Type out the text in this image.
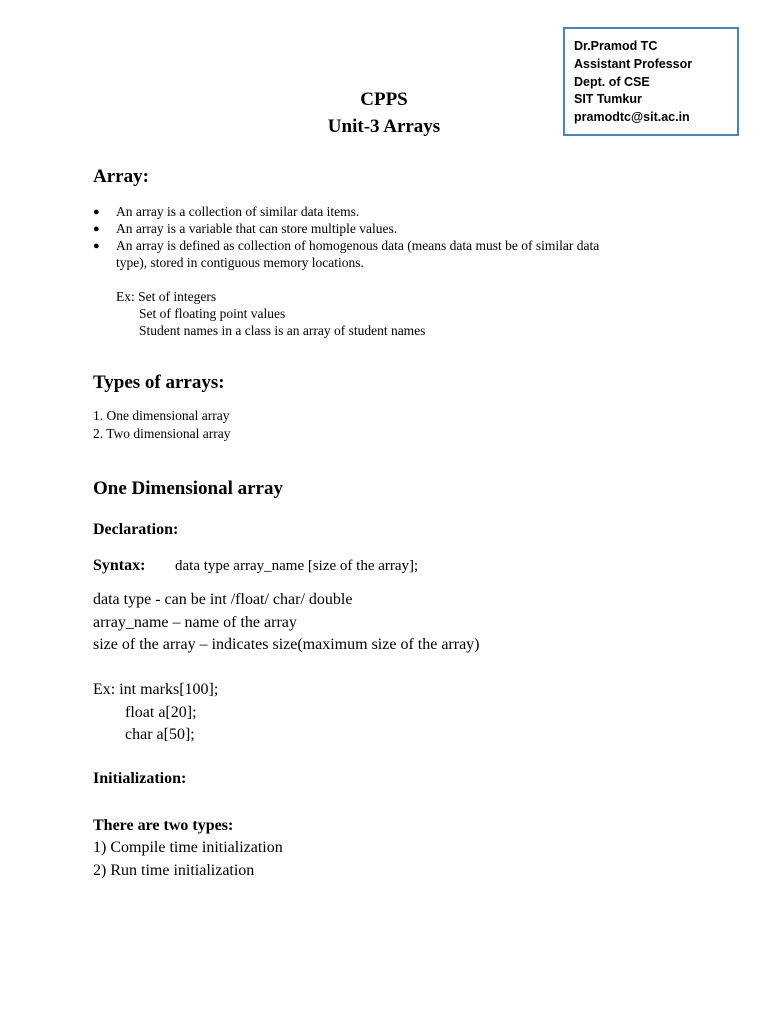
Dr.Pramod TC
Assistant Professor
Dept. of CSE
SIT Tumkur
pramodtc@sit.ac.in
CPPS
Unit-3 Arrays
Array:
● An array is a collection of similar data items.
● An array is a variable that can store multiple values.
● An array is defined as collection of homogenous data (means data must be of similar data
type), stored in contiguous memory locations.
Ex: Set of integers
Set of floating point values
Student names in a class is an array of student names
Types of arrays:
1. One dimensional array
2. Two dimensional array
One Dimensional array
Declaration:
Syntax: data type array_name [size of the array];
data type - can be int /float/ char/ double
array_name – name of the array
size of the array – indicates size(maximum size of the array)
Ex: int marks[100];
float a[20];
char a[50];
Initialization:
There are two types:
1) Compile time initialization
2) Run time initialization
